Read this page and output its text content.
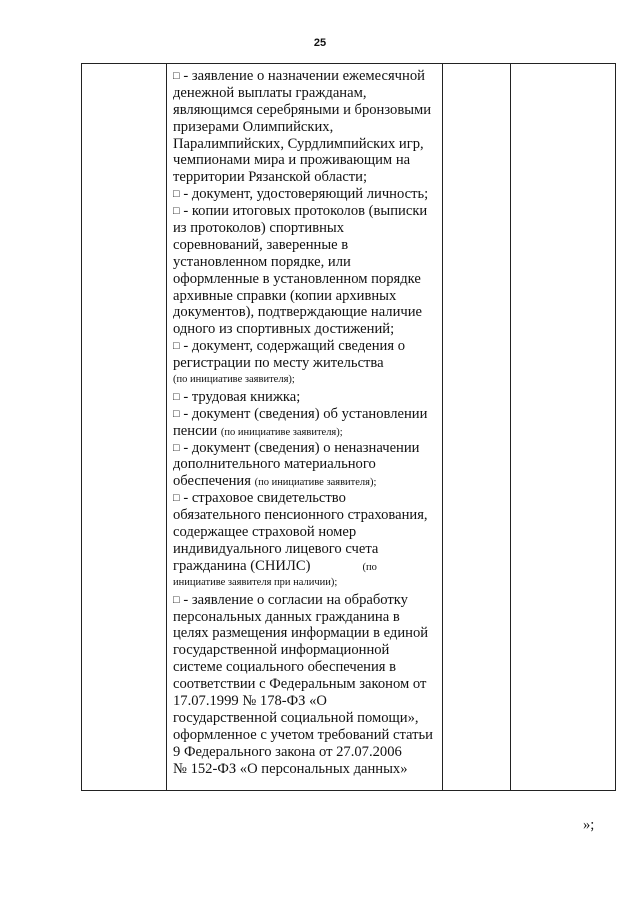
25

□ - заявление о назначении ежемесячной
денежной выплаты гражданам,
являющимся серебряными и бронзовыми
призерами Олимпийских,
Паралимпийских, Сурдлимпийских игр,
чемпионами мира и проживающим на
территории Рязанской области;
□ - документ, удостоверяющий личность;
□ - копии итоговых протоколов (выписки
из протоколов) спортивных
соревнований, заверенные в
установленном порядке, или
оформленные в установленном порядке
архивные справки (копии архивных
документов), подтверждающие наличие
одного из спортивных достижений;
□ - документ, содержащий сведения о
регистрации по месту жительства
(по инициативе заявителя);
□ - трудовая книжка;
□ - документ (сведения) об установлении
пенсии (по инициативе заявителя);
□ - документ (сведения) о неназначении
дополнительного материального
обеспечения (по инициативе заявителя);
□ - страховое свидетельство
обязательного пенсионного страхования,
содержащее страховой номер
индивидуального лицевого счета
гражданина (СНИЛС)	(по
инициативе заявителя при наличии);
□ - заявление о согласии на обработку
персональных данных гражданина в
целях размещения информации в единой
государственной информационной
системе социального обеспечения в
соответствии с Федеральным законом от
17.07.1999 № 178-ФЗ «О
государственной социальной помощи»,
оформленное с учетом требований статьи
9 Федерального закона от 27.07.2006
№ 152-ФЗ «О персональных данных»

»;
